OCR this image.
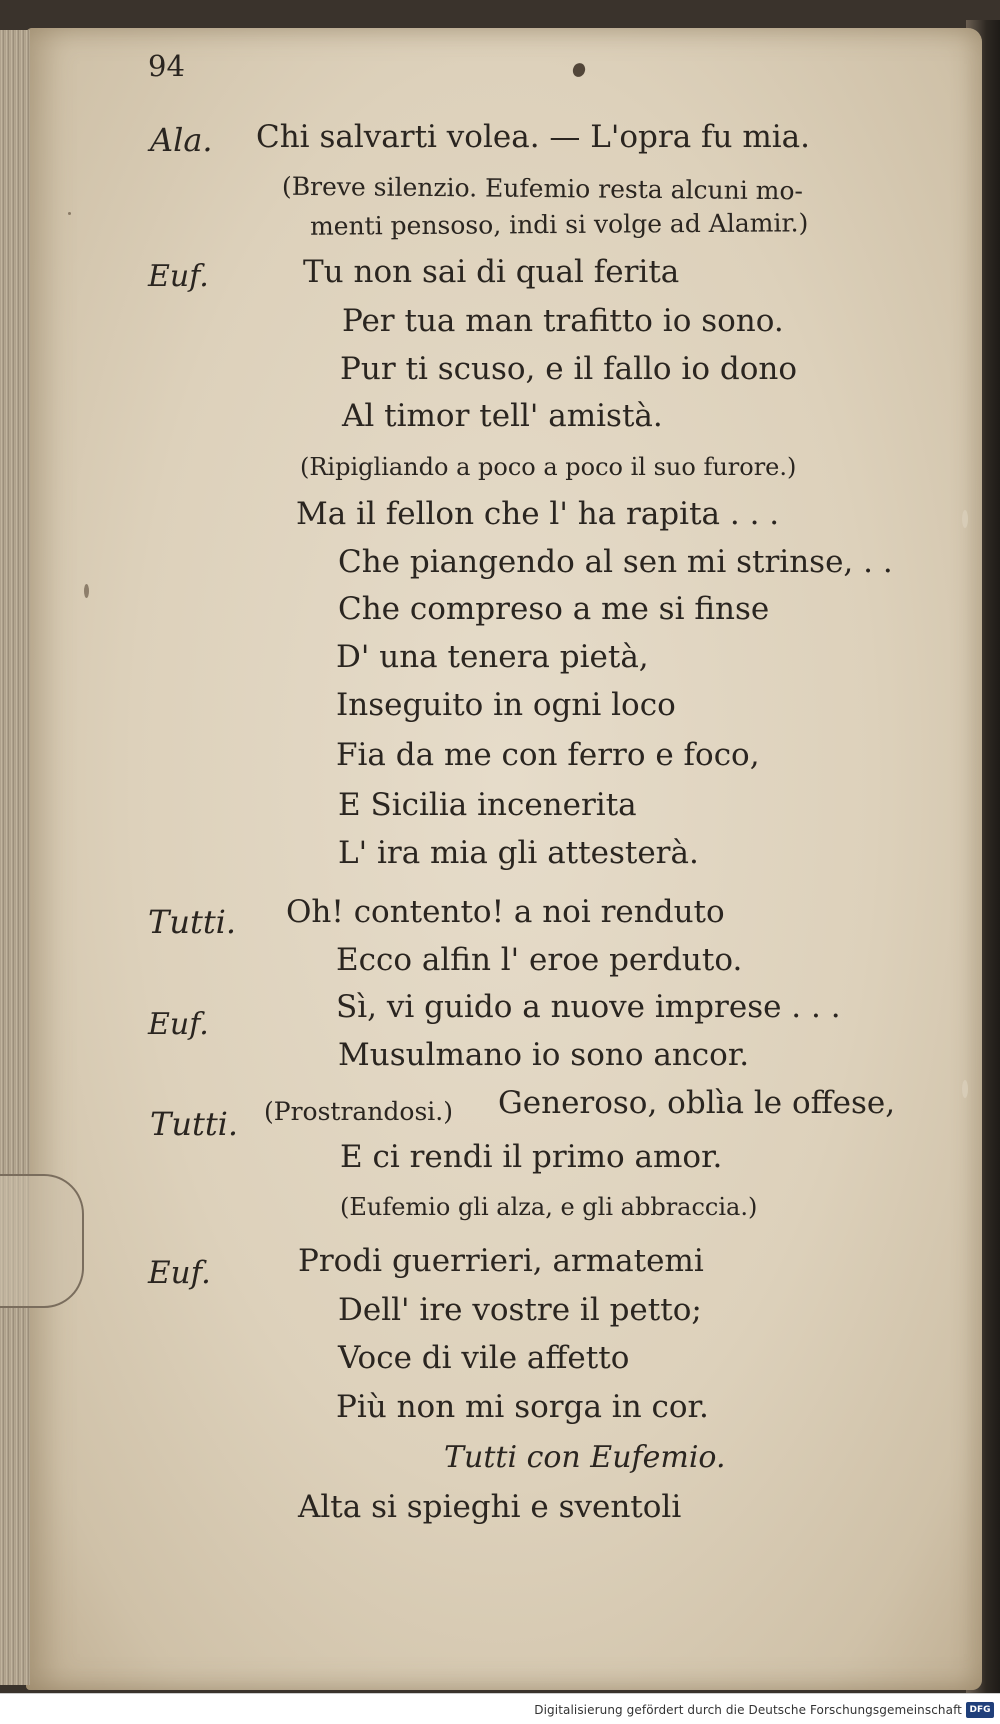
94
Ala. Chi salvarti volea. — L'opra fu mia.
(Breve silenzio. Eufemio resta alcuni mo-
menti pensoso, indi si volge ad Alamir.)
Euf.	Tu non sai di qual ferita
Per tua man trafitto io sono.
Pur ti scuso, e il fallo io dono
Al timor tell' amistà.
(Ripigliando a poco a poco il suo furore.)
Ma il fellon che l' ha rapita . . .
Che piangendo al sen mi strinse, . .
Che compreso a me si finse
D' una tenera pietà,
Inseguito in ogni loco
Fia da me con ferro e foco,
E Sicilia incenerita
L' ira mia gli attesterà.
Tutti. Oh! contento! a noi renduto
Ecco alfin l' eroe perduto.
Euf.	Sì, vi guido a nuove imprese . . .
Musulmano io sono ancor.
Tutti. (Prostrandosi.) Generoso, oblìa le offese,
E ci rendi il primo amor.
(Eufemio gli alza, e gli abbraccia.)
Euf.	Prodi guerrieri, armatemi
Dell' ire vostre il petto;
Voce di vile affetto
Più non mi sorga in cor.
Tutti con Eufemio.
Alta si spieghi e sventoli
Digitalisierung gefördert durch die Deutsche Forschungsgemeinschaft DFG
